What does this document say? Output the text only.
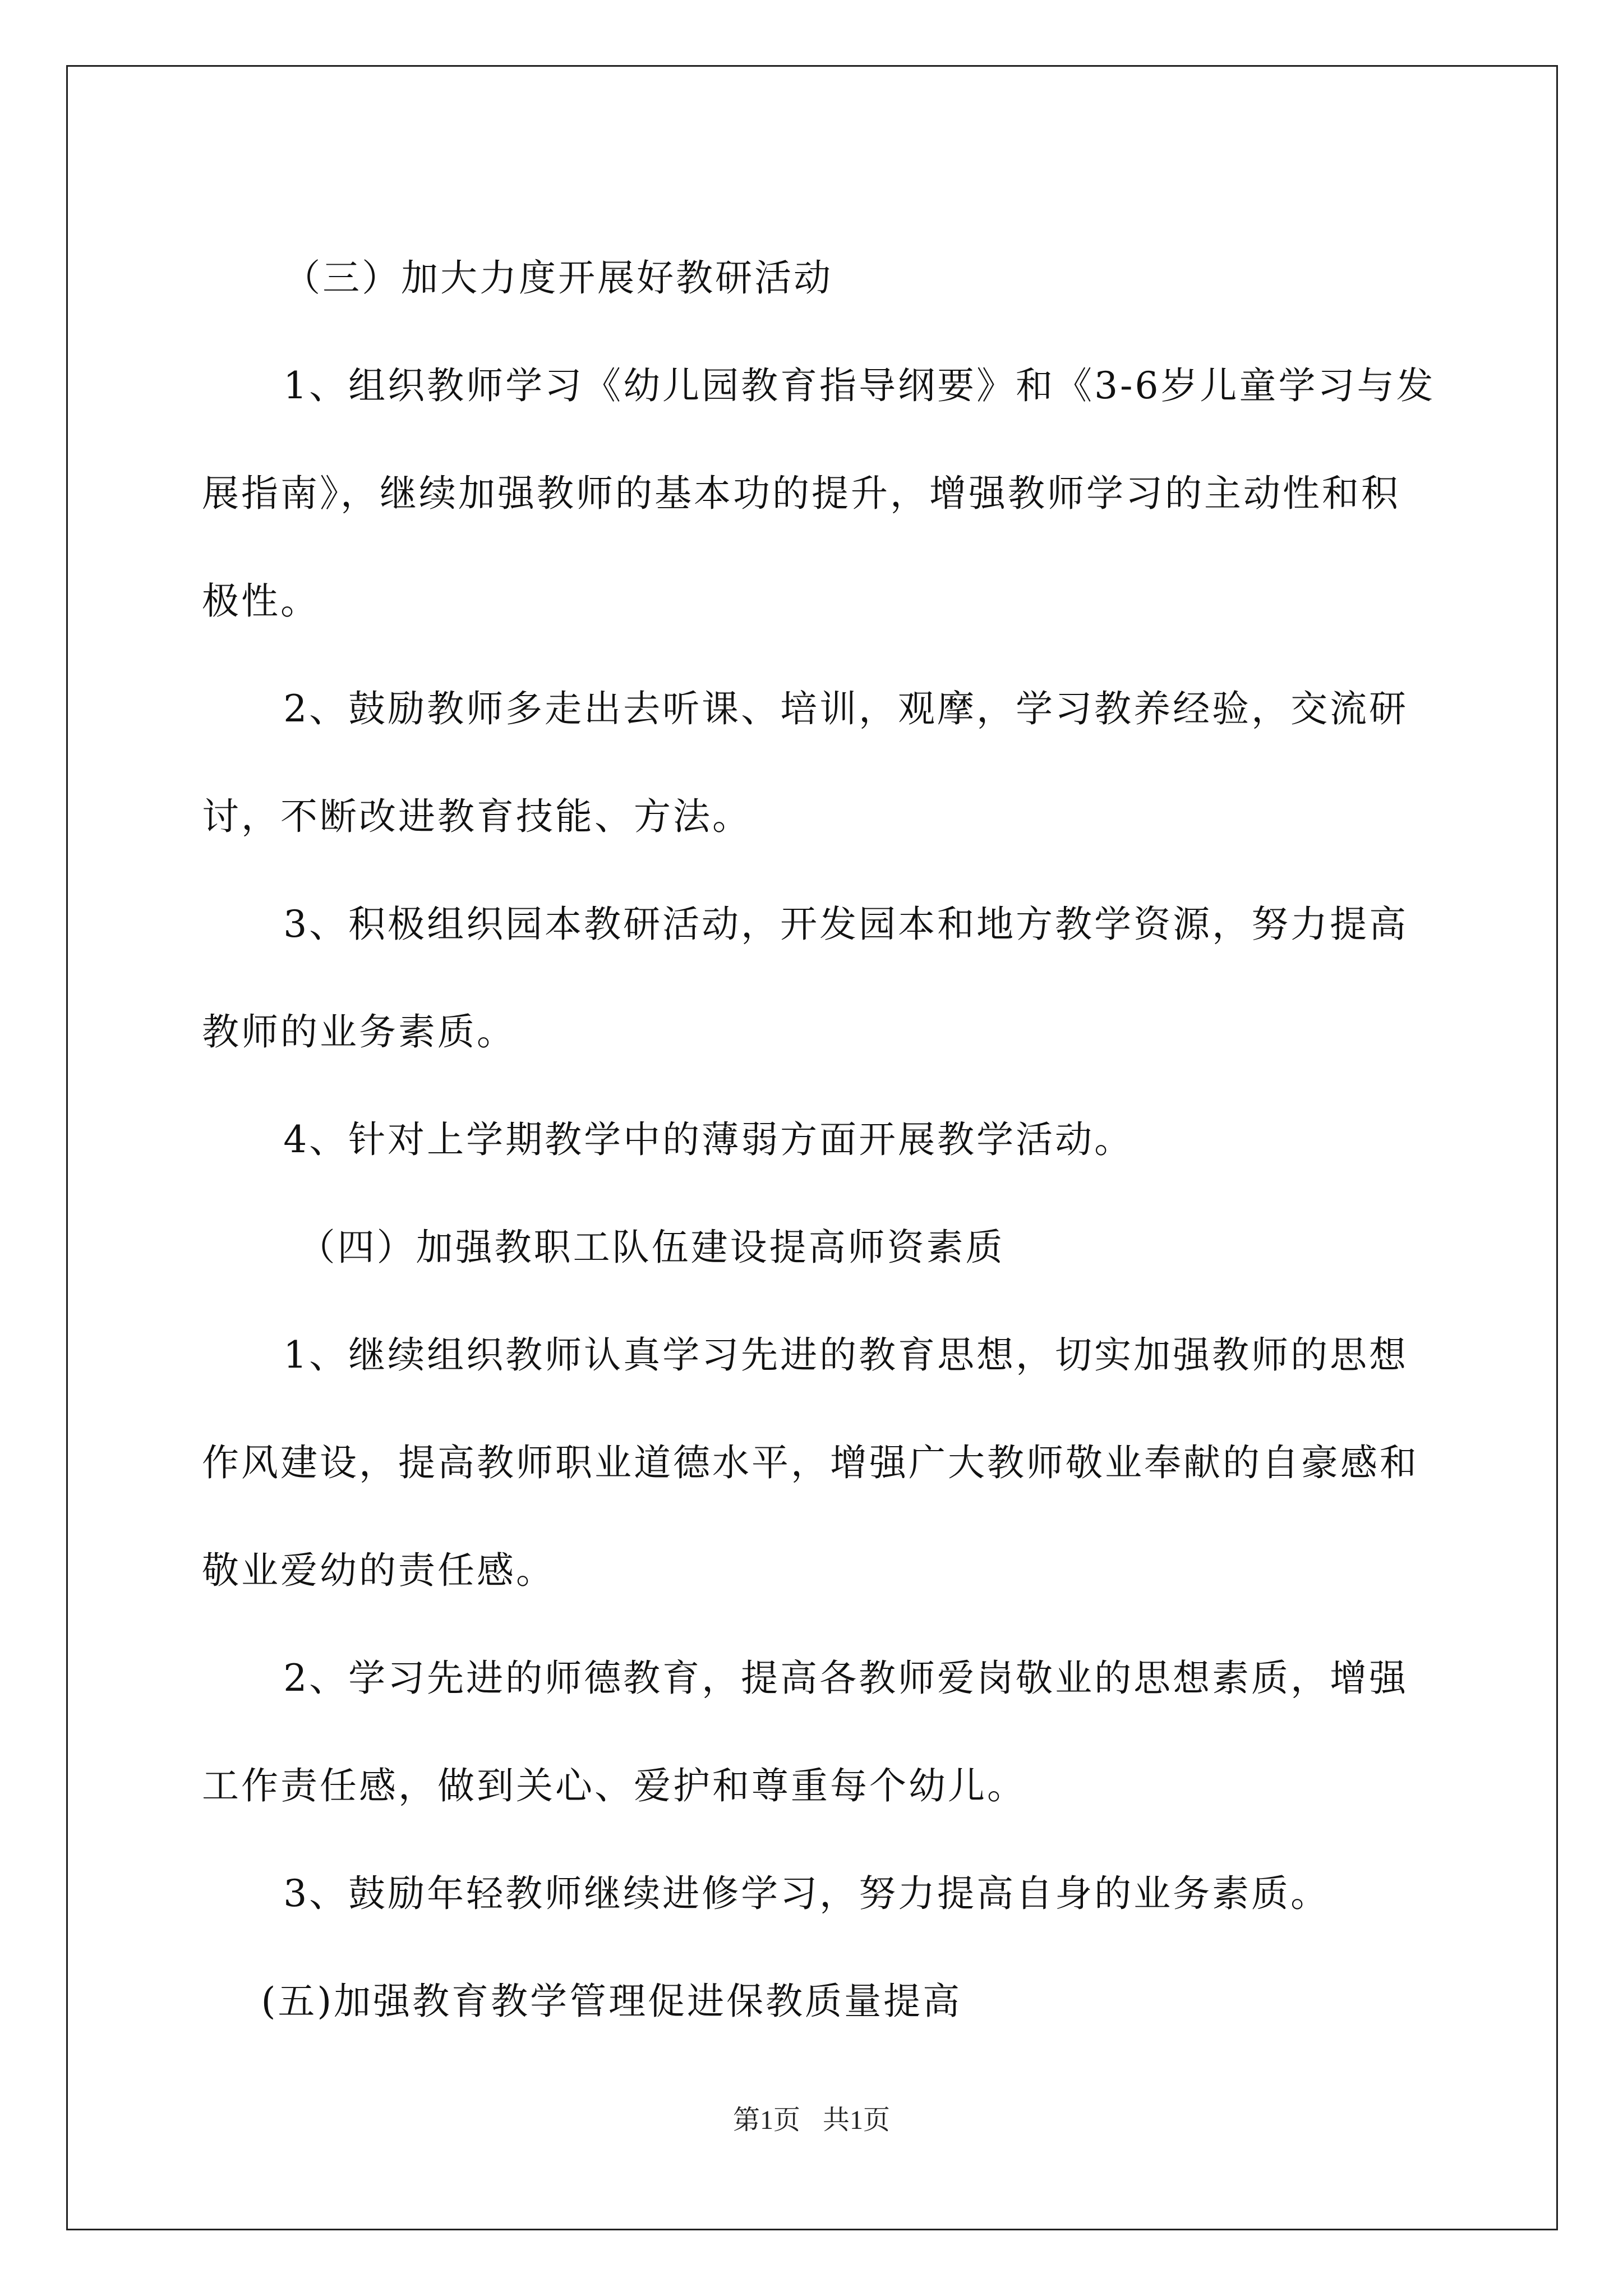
（三）加大力度开展好教研活动

1、组织教师学习《幼儿园教育指导纲要》和《3-6岁儿童学习与发展指南》，继续加强教师的基本功的提升，增强教师学习的主动性和积极性。

2、鼓励教师多走出去听课、培训，观摩，学习教养经验，交流研讨，不断改进教育技能、方法。

3、积极组织园本教研活动，开发园本和地方教学资源，努力提高教师的业务素质。

4、针对上学期教学中的薄弱方面开展教学活动。

（四）加强教职工队伍建设提高师资素质

1、继续组织教师认真学习先进的教育思想，切实加强教师的思想作风建设，提高教师职业道德水平，增强广大教师敬业奉献的自豪感和敬业爱幼的责任感。

2、学习先进的师德教育，提高各教师爱岗敬业的思想素质，增强工作责任感，做到关心、爱护和尊重每个幼儿。

3、鼓励年轻教师继续进修学习，努力提高自身的业务素质。

(五)加强教育教学管理促进保教质量提高

第1页 共1页
